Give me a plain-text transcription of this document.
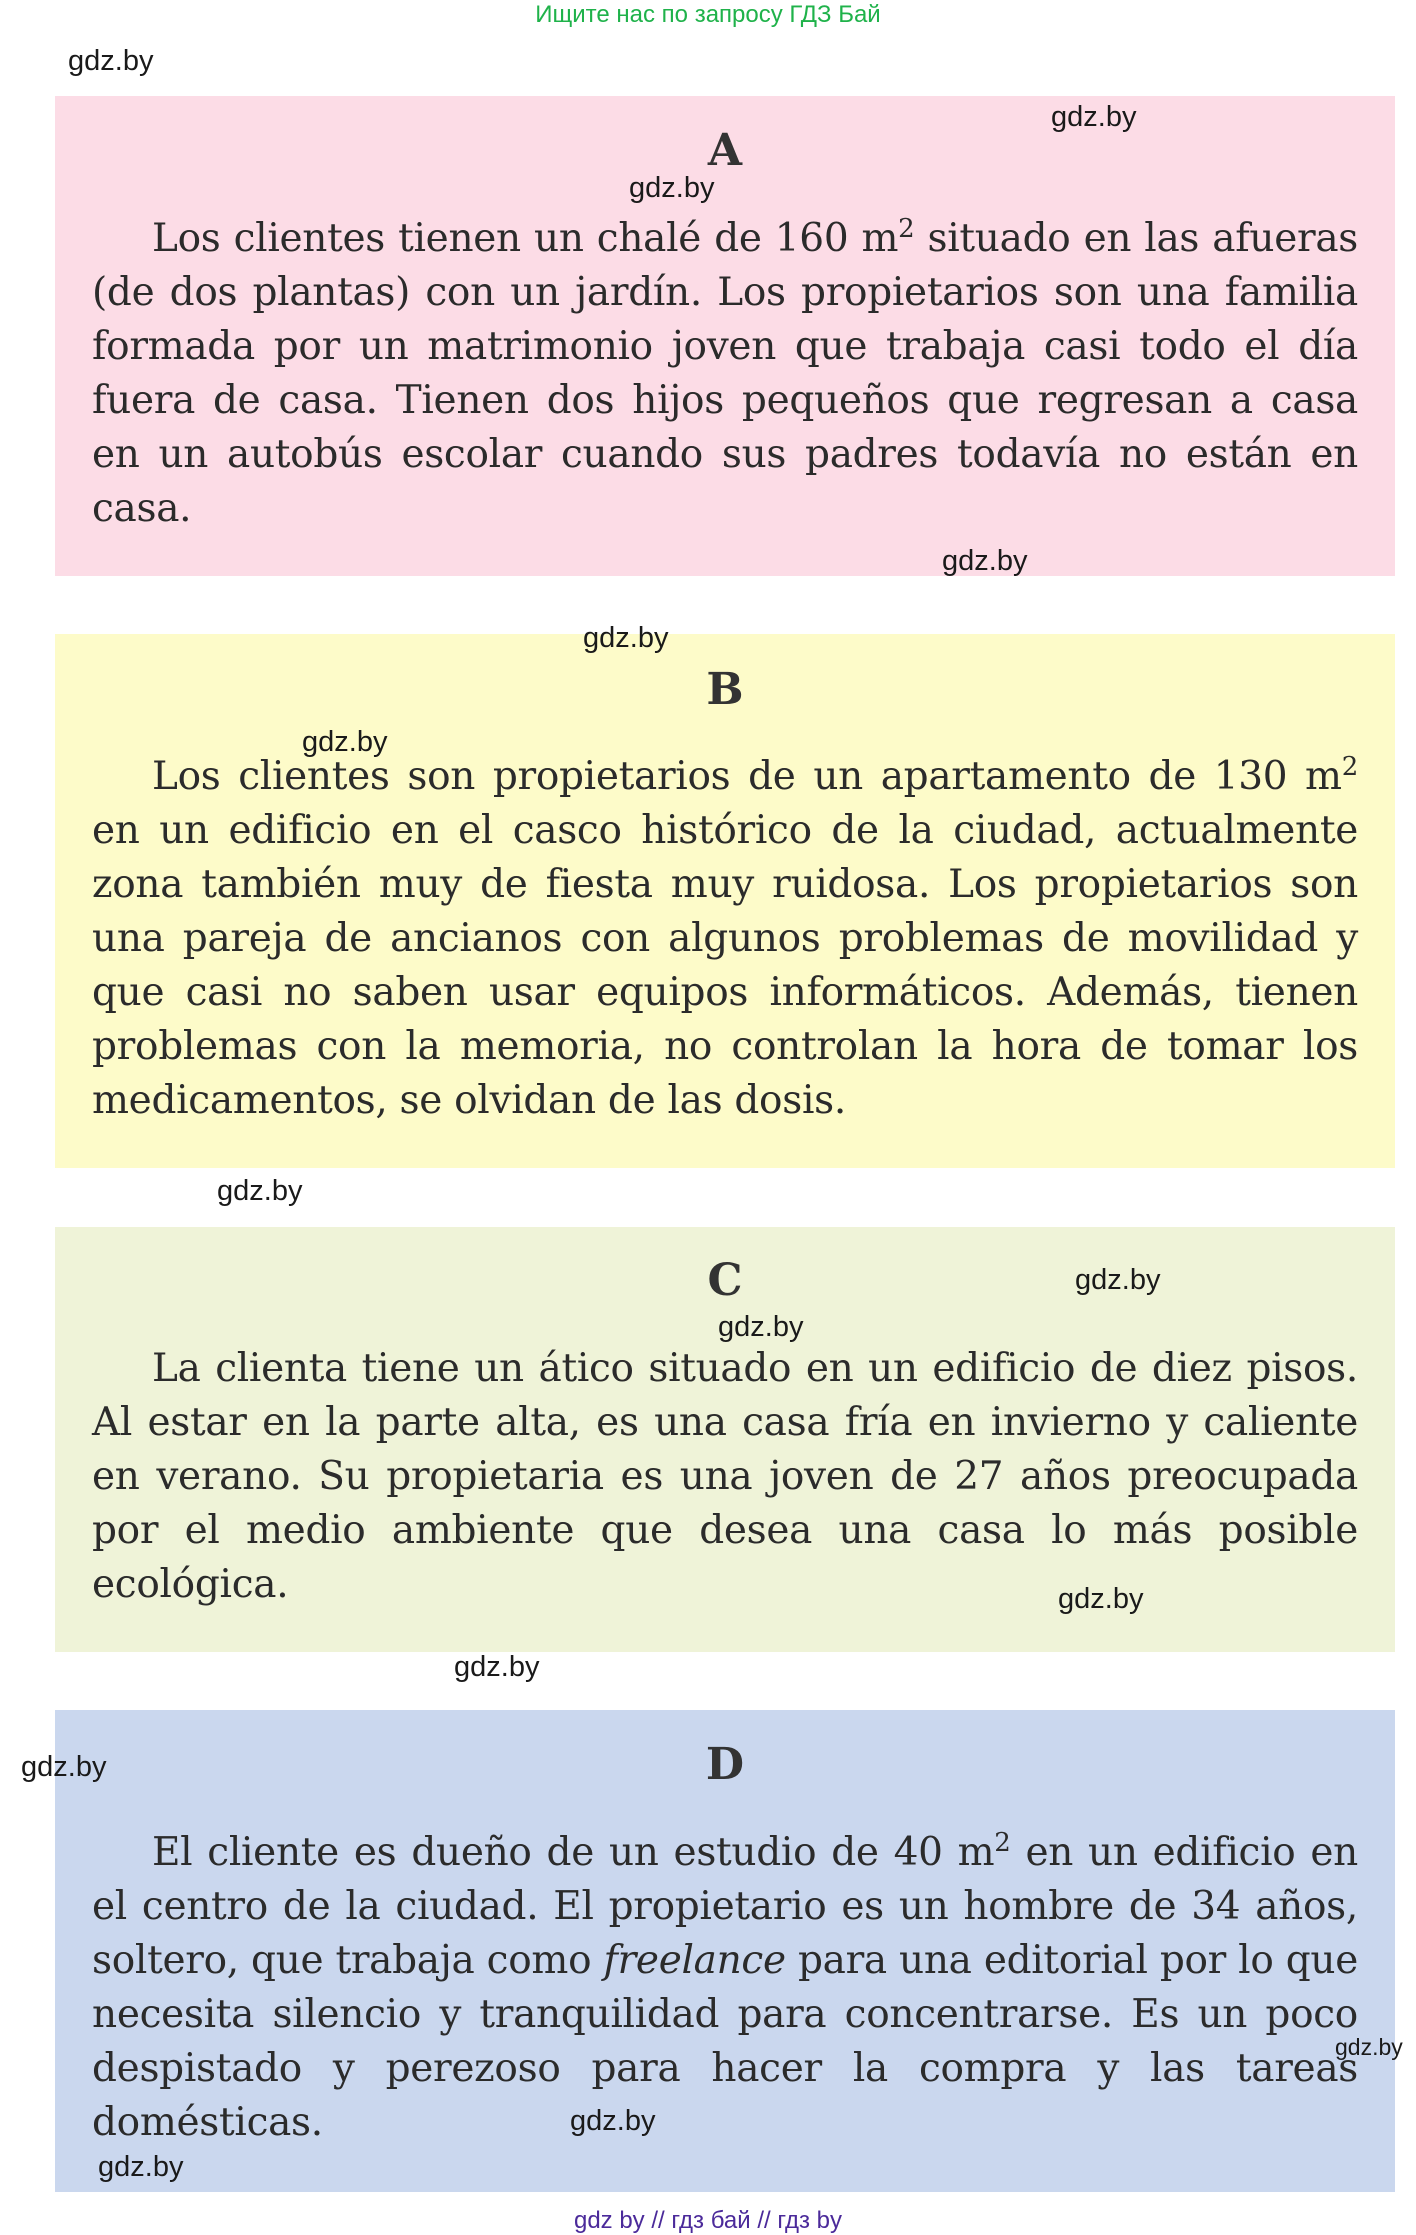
Ищите нас по запросу ГДЗ Бай
A

Los clientes tienen un chalé de 160 $m^2$ situado en las afueras (de dos plantas) con un jardín. Los propietarios son una familia formada por un matrimonio joven que trabaja casi todo el día fuera de casa. Tienen dos hijos pequeños que regresan a casa en un autobús escolar cuando sus padres todavía no están en casa.

B

Los clientes son propietarios de un apartamento de 130 $m^2$ en un edificio en el casco histórico de la ciudad, actualmente zona también muy de fiesta muy ruidosa. Los propietarios son una pareja de ancianos con algunos problemas de movilidad y que casi no saben usar equipos informáticos. Además, tienen problemas con la memoria, no controlan la hora de tomar los medicamentos, se olvidan de las dosis.

C

La clienta tiene un ático situado en un edificio de diez pisos. Al estar en la parte alta, es una casa fría en invierno y caliente en verano. Su propietaria es una joven de 27 años preocupada por el medio ambiente que desea una casa lo más posible ecológica.

D

El cliente es dueño de un estudio de 40 $m^2$ en un edificio en el centro de la ciudad. El propietario es un hombre de 34 años, soltero, que trabaja como freelance para una editorial por lo que necesita silencio y tranquilidad para concentrarse. Es un poco despistado y perezoso para hacer la compra y las tareas domésticas.

gdz.by
gdz.by
gdz.by
gdz.by
gdz.by
gdz.by
gdz.by
gdz.by
gdz.by
gdz.by
gdz.by
gdz.by
gdz.by
gdz.by
gdz.by
gdz by // гдз бай // гдз by
